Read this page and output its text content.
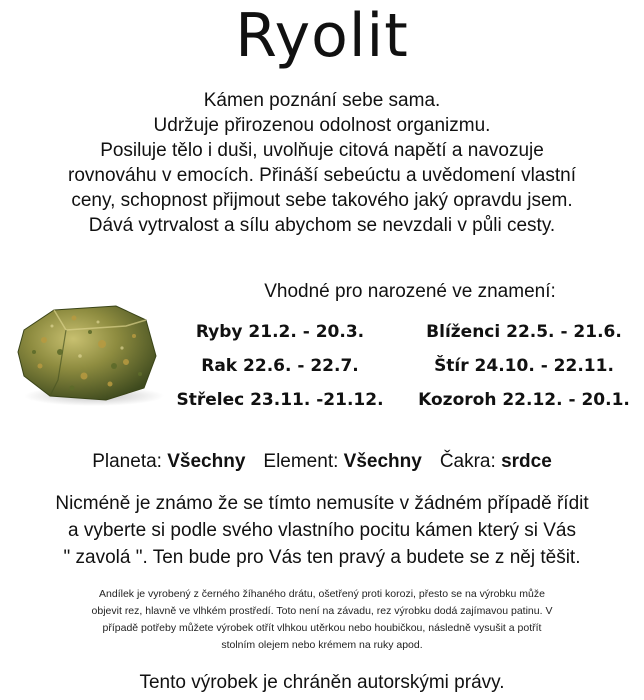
Ryolit
Kámen poznání sebe sama.
Udržuje přirozenou odolnost organizmu.
Posiluje tělo i duši, uvolňuje citová napětí a navozuje
rovnováhu v emocích. Přináší sebeúctu a uvědomení vlastní
ceny, schopnost přijmout sebe takového jaký opravdu jsem.
Dává vytrvalost a sílu abychom se nevzdali v půli cesty.
Vhodné pro narozené ve znamení:
Ryby 21.2. - 20.3.	Blíženci 22.5. - 21.6.
Rak 22.6. - 22.7.	Štír 24.10. - 22.11.
Střelec 23.11. -21.12.	Kozoroh 22.12. - 20.1.
Planeta: Všechny Element: Všechny Čakra: srdce
Nicméně je známo že se tímto nemusíte v žádném případě řídit
a vyberte si podle svého vlastního pocitu kámen který si Vás
" zavolá ". Ten bude pro Vás ten pravý a budete se z něj těšit.
Andílek je vyrobený z černého žíhaného drátu, ošetřený proti korozi, přesto se na výrobku může
objevit rez, hlavně ve vlhkém prostředí. Toto není na závadu, rez výrobku dodá zajímavou patinu. V
případě potřeby můžete výrobek otřít vlhkou utěrkou nebo houbičkou, následně vysušit a potřít
stolním olejem nebo krémem na ruky apod.
Tento výrobek je chráněn autorskými právy.
